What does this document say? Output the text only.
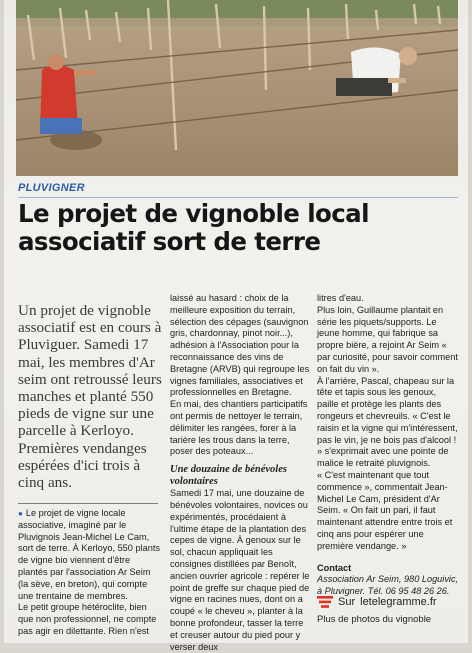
PLUVIGNER
Le projet de vignoble local associatif sort de terre
Un projet de vignoble associatif est en cours à Pluviguer. Samedi 17 mai, les membres d'Ar seim ont retroussé leurs manches et planté 550 pieds de vigne sur une parcelle à Kerloyo. Premières vendanges espérées d'ici trois à cinq ans.

● Le projet de vigne locale associative, imaginé par le Pluvignois Jean-Michel Le Cam, sort de terre. À Kerloyo, 550 plants de vigne bio viennent d'être plantés par l'association Ar Seim (la sève, en breton), qui compte une trentaine de membres.

Le petit groupe hétéroclite, bien que non professionnel, ne compte pas agir en dilettante. Rien n'est

laissé au hasard : choix de la meilleure exposition du terrain, sélection des cépages (sauvignon gris, chardonnay, pinot noir...), adhésion à l'Association pour la reconnaissance des vins de Bretagne (ARVB) qui regroupe les vignes familiales, associatives et professionnelles en Bretagne.

En mai, des chantiers participatifs ont permis de nettoyer le terrain, délimiter les rangées, forer à la tarière les trous dans la terre, poser des poteaux...

Une douzaine de bénévoles volontaires

Samedi 17 mai, une douzaine de bénévoles volontaires, novices ou expérimentés, procédaient à l'ultime étape de la plantation des cepes de vigne. À genoux sur le sol, chacun appliquait les consignes distillées par Benoît, ancien ouvrier agricole : repérer le point de greffe sur chaque pied de vigne en racines nues, dont on a coupé « le cheveu », planter à la bonne profondeur, tasser la terre et creuser autour du pied pour y verser deux

litres d'eau.

Plus loin, Guillaume plantait en série les piquets/supports. Le jeune homme, qui fabrique sa propre bière, a rejoint Ar Seim « par curiosité, pour savoir comment on fait du vin ».

À l'arrière, Pascal, chapeau sur la tête et tapis sous les genoux, paille et protège les plants des rongeurs et chevreuils. « C'est le raisin et la vigne qui m'intéressent, pas le vin, je ne bois pas d'alcool ! » s'exprimait avec une pointe de malice le retraité pluvignois.

« C'est maintenant que tout commence », commentait Jean-Michel Le Cam, président d'Ar Seim. « On fait un pari, il faut maintenant attendre entre trois et cinq ans pour espérer une première vendange. »

Contact

Association Ar Seim, 980 Loguivic, à Pluvigner. Tél. 06 95 48 26 26.

Sur letelegramme.fr
Plus de photos du vignoble
